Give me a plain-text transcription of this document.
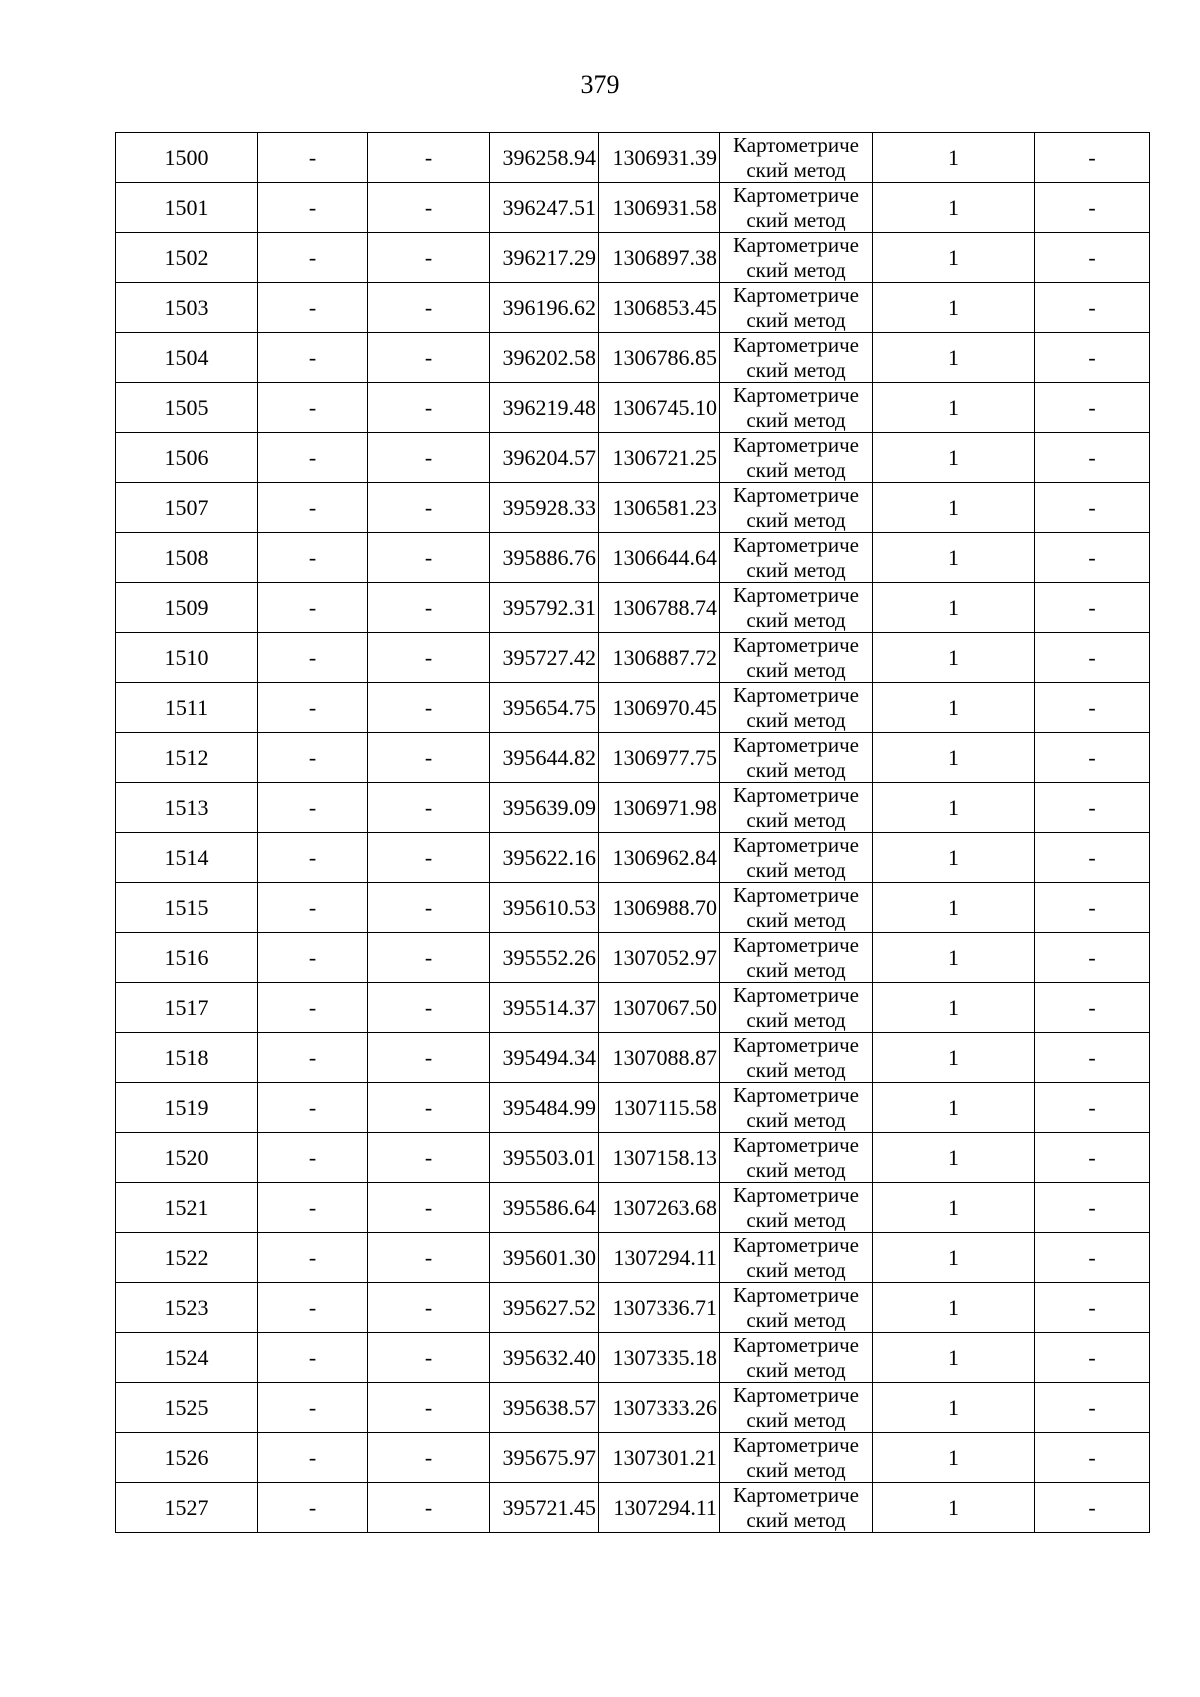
379
1500	-	-	396258.94	1306931.39	Картометриче
ский метод	1	-
1501	-	-	396247.51	1306931.58	Картометриче
ский метод	1	-
1502	-	-	396217.29	1306897.38	Картометриче
ский метод	1	-
1503	-	-	396196.62	1306853.45	Картометриче
ский метод	1	-
1504	-	-	396202.58	1306786.85	Картометриче
ский метод	1	-
1505	-	-	396219.48	1306745.10	Картометриче
ский метод	1	-
1506	-	-	396204.57	1306721.25	Картометриче
ский метод	1	-
1507	-	-	395928.33	1306581.23	Картометриче
ский метод	1	-
1508	-	-	395886.76	1306644.64	Картометриче
ский метод	1	-
1509	-	-	395792.31	1306788.74	Картометриче
ский метод	1	-
1510	-	-	395727.42	1306887.72	Картометриче
ский метод	1	-
1511	-	-	395654.75	1306970.45	Картометриче
ский метод	1	-
1512	-	-	395644.82	1306977.75	Картометриче
ский метод	1	-
1513	-	-	395639.09	1306971.98	Картометриче
ский метод	1	-
1514	-	-	395622.16	1306962.84	Картометриче
ский метод	1	-
1515	-	-	395610.53	1306988.70	Картометриче
ский метод	1	-
1516	-	-	395552.26	1307052.97	Картометриче
ский метод	1	-
1517	-	-	395514.37	1307067.50	Картометриче
ский метод	1	-
1518	-	-	395494.34	1307088.87	Картометриче
ский метод	1	-
1519	-	-	395484.99	1307115.58	Картометриче
ский метод	1	-
1520	-	-	395503.01	1307158.13	Картометриче
ский метод	1	-
1521	-	-	395586.64	1307263.68	Картометриче
ский метод	1	-
1522	-	-	395601.30	1307294.11	Картометриче
ский метод	1	-
1523	-	-	395627.52	1307336.71	Картометриче
ский метод	1	-
1524	-	-	395632.40	1307335.18	Картометриче
ский метод	1	-
1525	-	-	395638.57	1307333.26	Картометриче
ский метод	1	-
1526	-	-	395675.97	1307301.21	Картометриче
ский метод	1	-
1527	-	-	395721.45	1307294.11	Картометриче
ский метод	1	-
